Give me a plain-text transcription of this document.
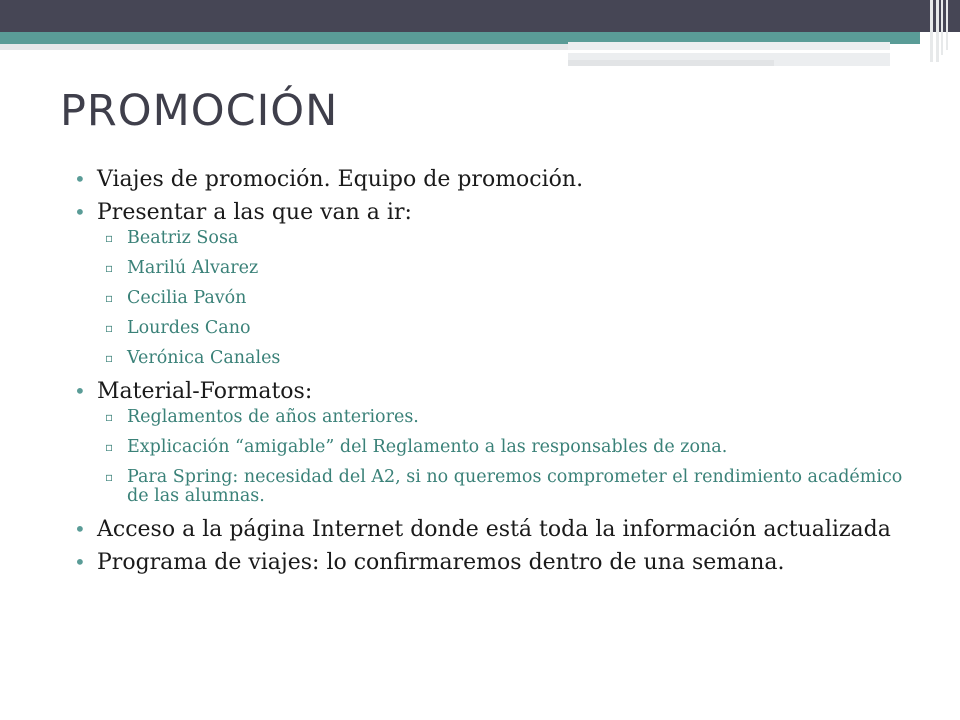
PROMOCIÓN
• Viajes de promoción. Equipo de promoción.
• Presentar a las que van a ir:
▫ Beatriz Sosa
▫ Marilú Alvarez
▫ Cecilia Pavón
▫ Lourdes Cano
▫ Verónica Canales
• Material-Formatos:
▫ Reglamentos de años anteriores.
▫ Explicación “amigable” del Reglamento a las responsables de zona.
▫ Para Spring: necesidad del A2, si no queremos comprometer el rendimiento académico de las alumnas.
• Acceso a la página Internet donde está toda la información actualizada
• Programa de viajes: lo confirmaremos dentro de una semana.
